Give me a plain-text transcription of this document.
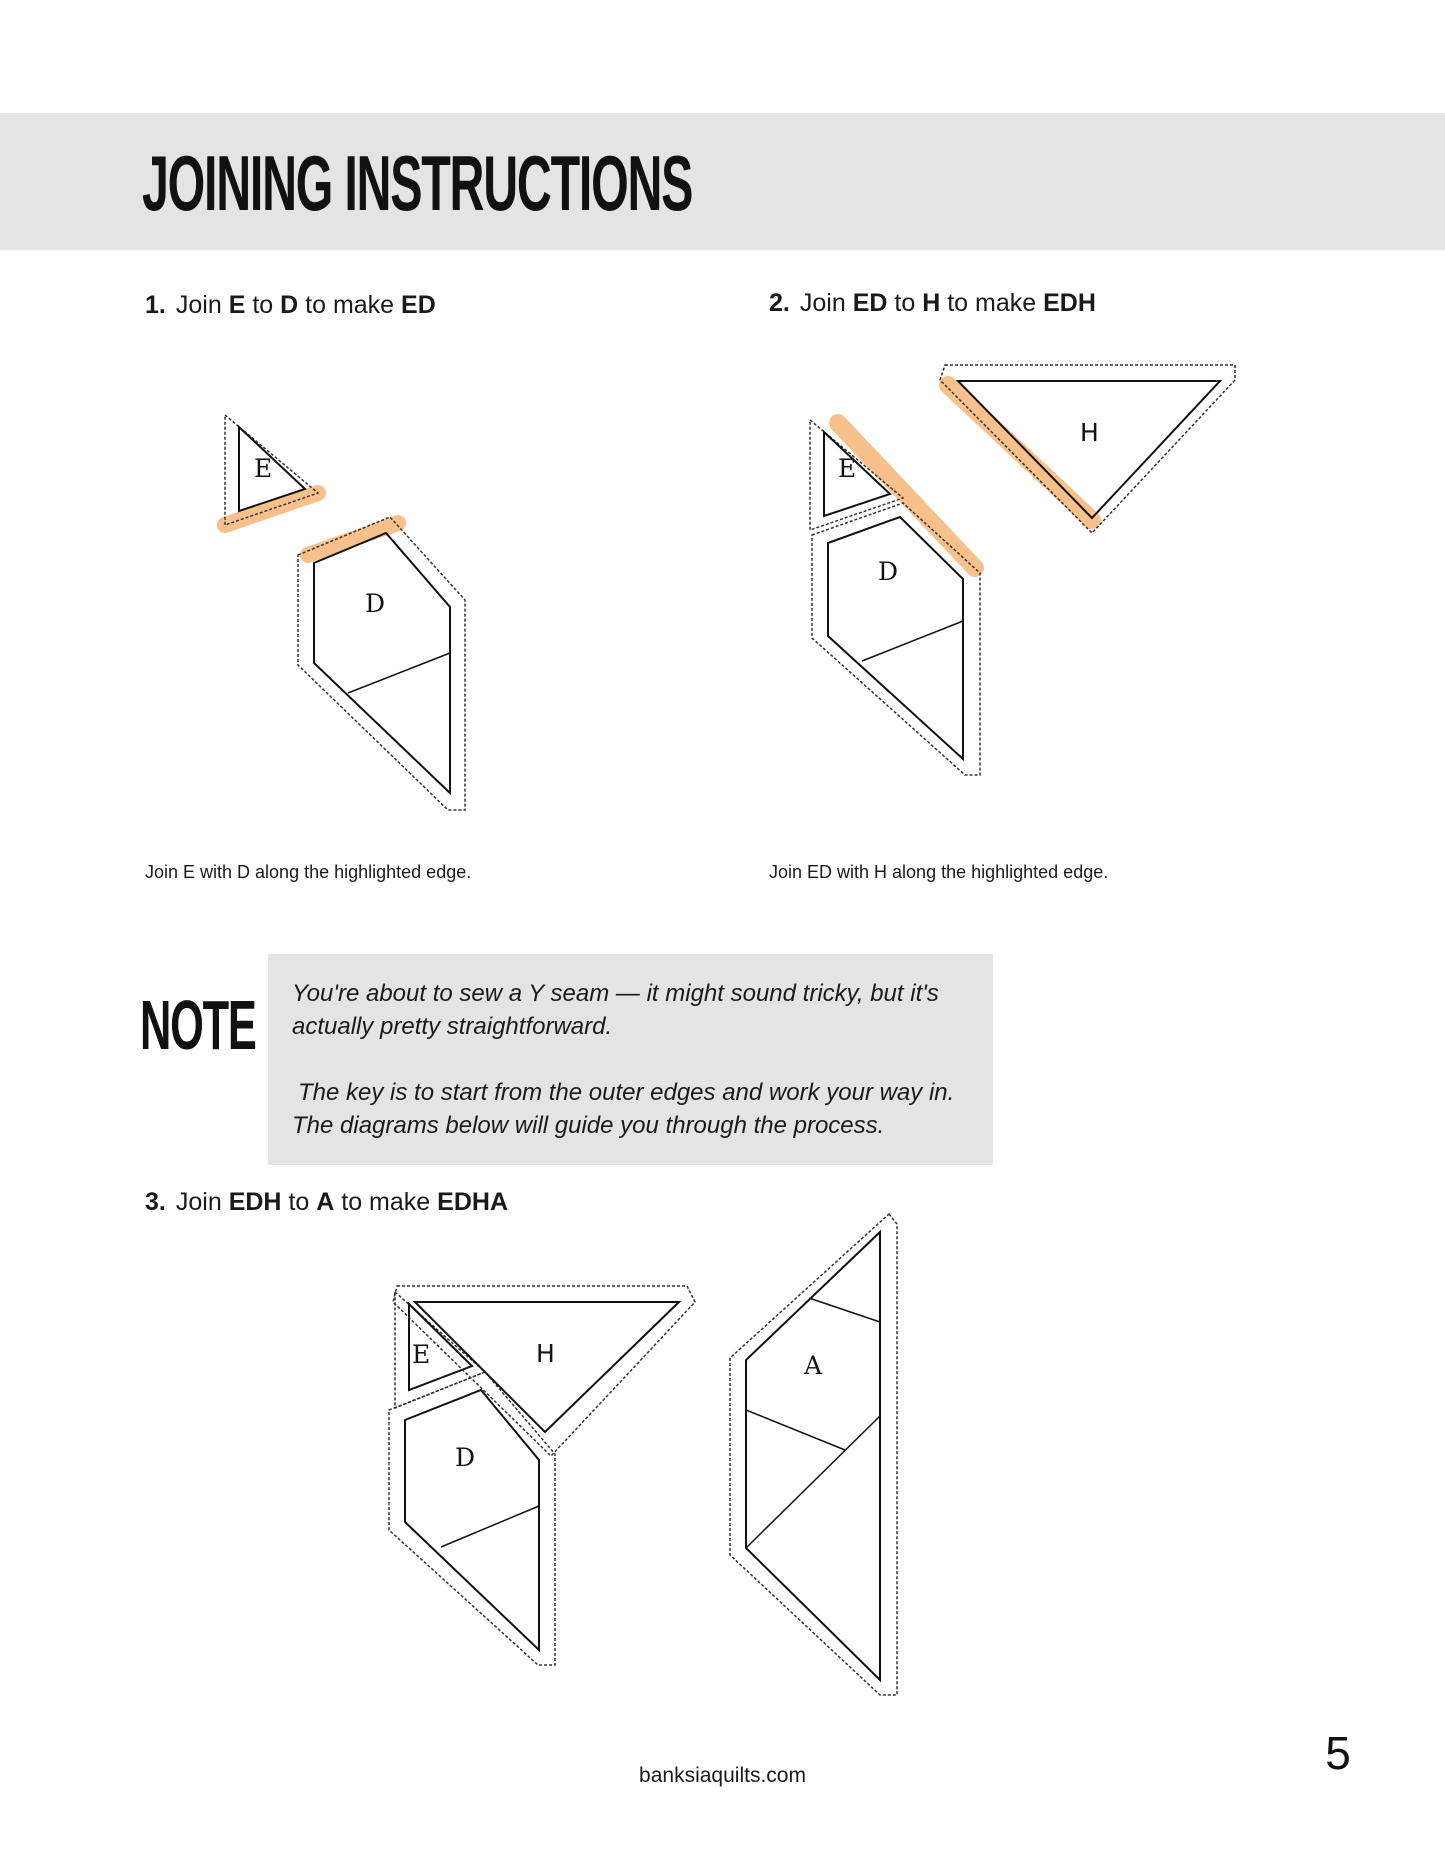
JOINING INSTRUCTIONS
1. Join E to D to make ED	2. Join ED to H to make EDH
E
D
E
D
H

Join E with D along the highlighted edge.	Join ED with H along the highlighted edge.

NOTE You're about to sew a Y seam — it might sound tricky, but it's actually pretty straightforward.

The key is to start from the outer edges and work your way in. The diagrams below will guide you through the process.

3. Join EDH to A to make EDHA
E	H
D
A
banksiaquilts.com	5
